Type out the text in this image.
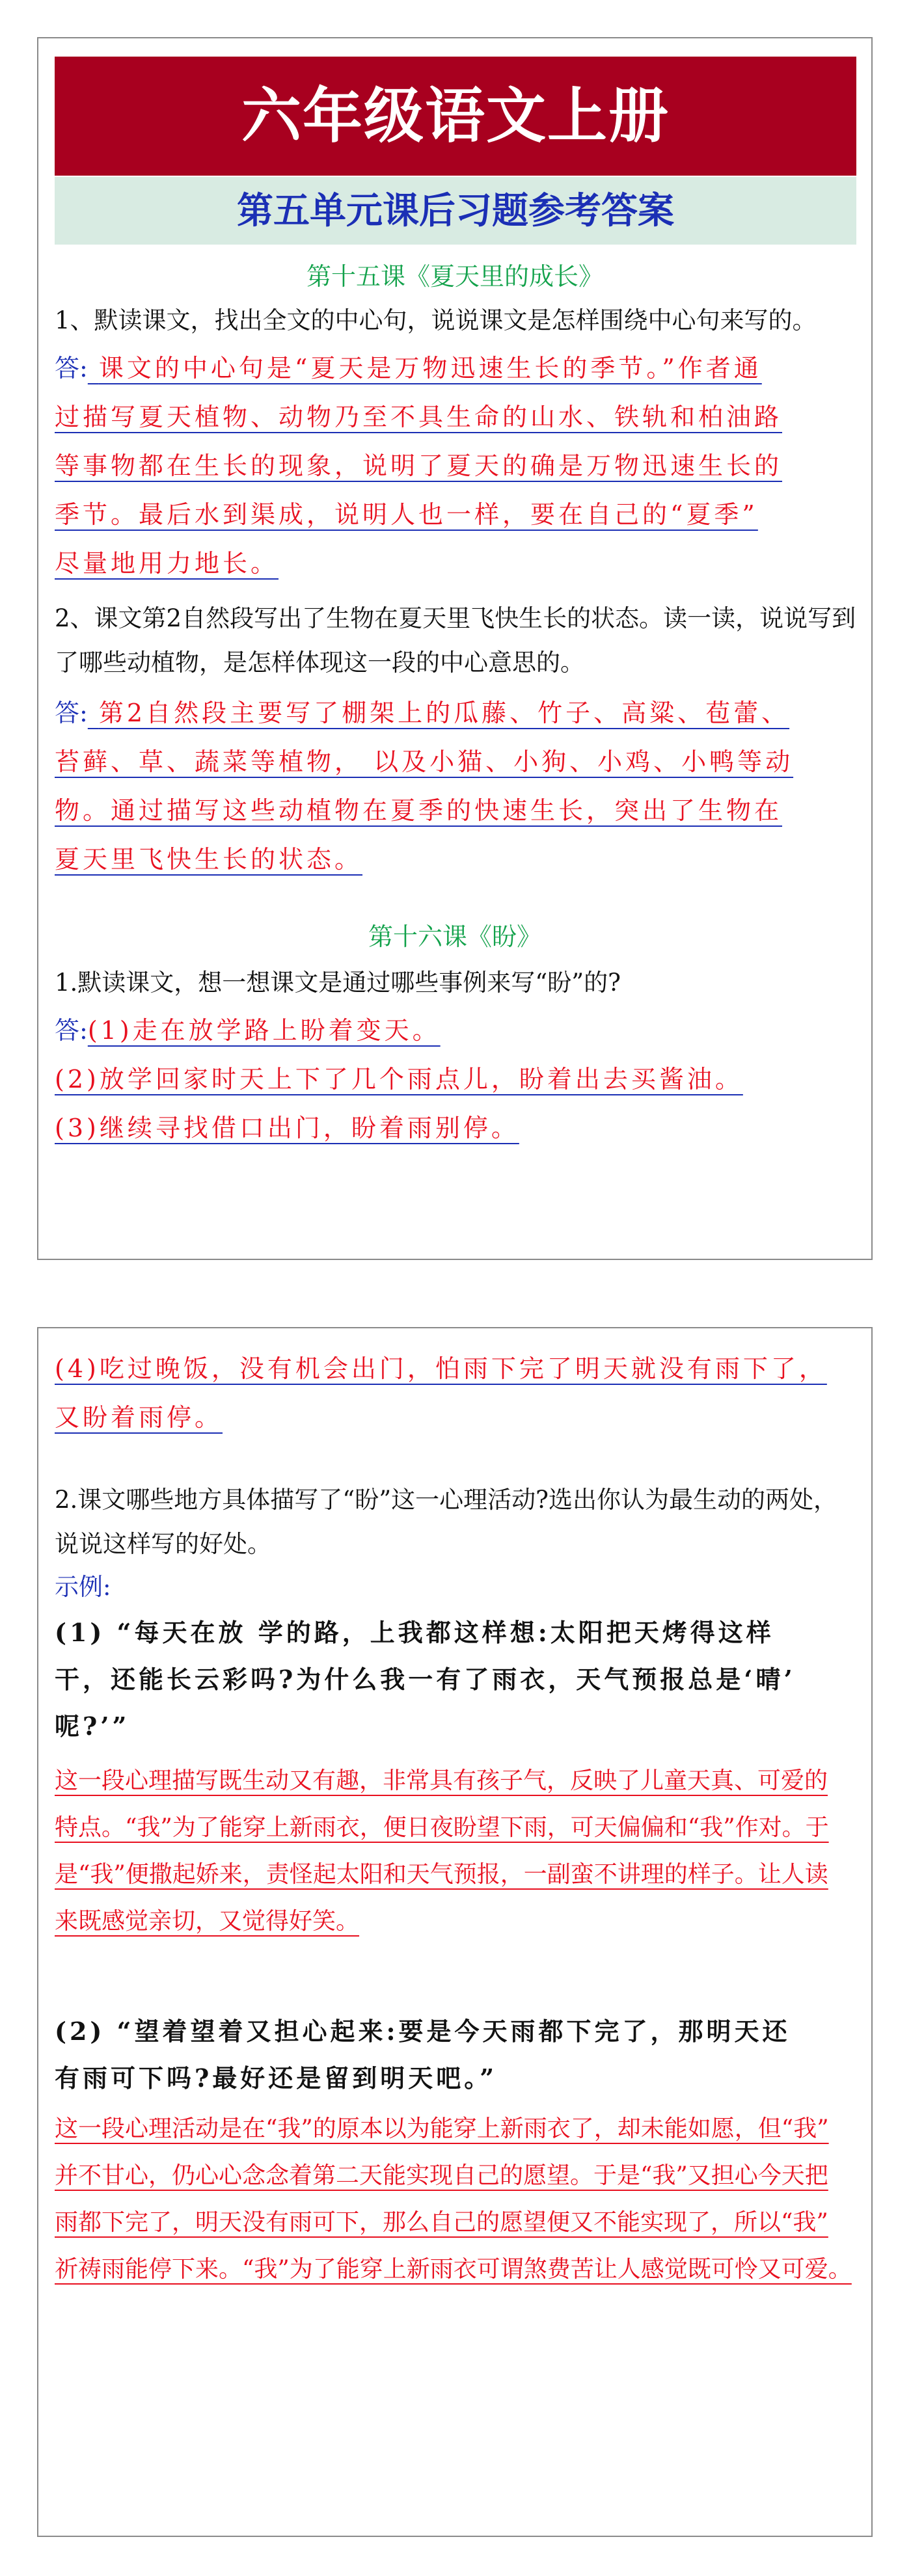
六年级语文上册
第五单元课后习题参考答案
第十五课《夏天里的成长》
1、默读课文，找出全文的中心句，说说课文是怎样围绕中心句来写的。
答: 课文的中心句是“夏天是万物迅速生长的季节。”作者通
过描写夏天植物、动物乃至不具生命的山水、铁轨和柏油路
等事物都在生长的现象，说明了夏天的确是万物迅速生长的
季节。最后水到渠成，说明人也一样，要在自己的“夏季”
尽量地用力地长。
2、课文第2自然段写出了生物在夏天里飞快生长的状态。读一读，说说写到
了哪些动植物，是怎样体现这一段的中心意思的。
答: 第2自然段主要写了棚架上的瓜藤、竹子、高粱、苞蕾、
苔藓、草、蔬菜等植物， 以及小猫、小狗、小鸡、小鸭等动
物。通过描写这些动植物在夏季的快速生长，突出了生物在
夏天里飞快生长的状态。
第十六课《盼》
1.默读课文，想一想课文是通过哪些事例来写“盼”的?
答:(1)走在放学路上盼着变天。
(2)放学回家时天上下了几个雨点儿，盼着出去买酱油。
(3)继续寻找借口出门，盼着雨别停。
(4)吃过晚饭，没有机会出门，怕雨下完了明天就没有雨下了，
又盼着雨停。
2.课文哪些地方具体描写了“盼”这一心理活动?选出你认为最生动的两处，
说说这样写的好处。
示例:
(1) “每天在放 学的路，上我都这样想:太阳把天烤得这样
干，还能长云彩吗?为什么我一有了雨衣，天气预报总是‘晴’
呢?’”
这一段心理描写既生动又有趣，非常具有孩子气，反映了儿童天真、可爱的
特点。“我”为了能穿上新雨衣，便日夜盼望下雨，可天偏偏和“我”作对。于
是“我”便撒起娇来，责怪起太阳和天气预报，一副蛮不讲理的样子。让人读
来既感觉亲切，又觉得好笑。
(2) “望着望着又担心起来:要是今天雨都下完了，那明天还
有雨可下吗?最好还是留到明天吧。”
这一段心理活动是在“我”的原本以为能穿上新雨衣了，却未能如愿，但“我”
并不甘心，仍心心念念着第二天能实现自己的愿望。于是“我”又担心今天把
雨都下完了，明天没有雨可下，那么自己的愿望便又不能实现了，所以“我”
祈祷雨能停下来。“我”为了能穿上新雨衣可谓煞费苦让人感觉既可怜又可爱。
